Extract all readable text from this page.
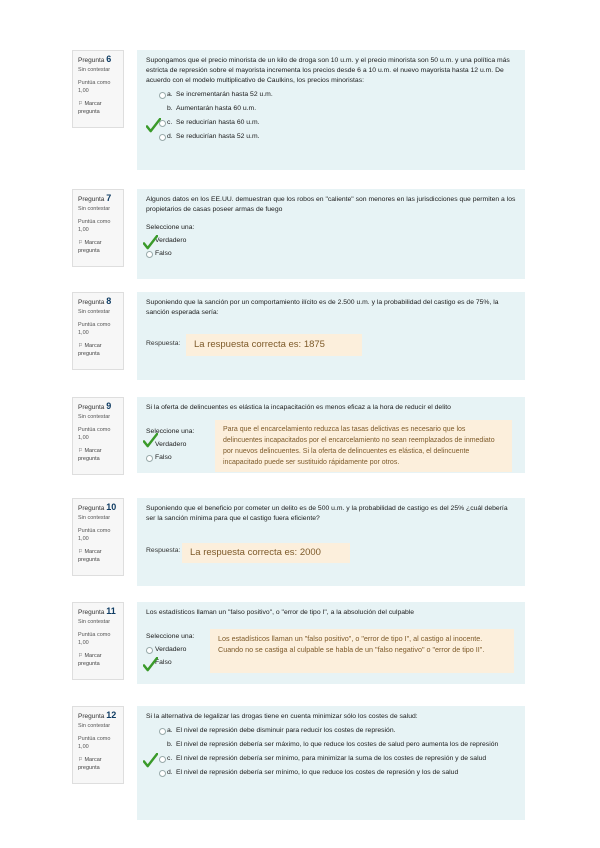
Pregunta 6
Sin contestar
Puntúa como 1,00
⚐ Marcar pregunta

Supongamos que el precio minorista de un kilo de droga son 10 u.m. y el precio minorista son 50 u.m. y una política más estricta de represión sobre el mayorista incrementa los precios desde 6 a 10 u.m. el nuevo mayorista hasta 12 u.m. De acuerdo con el modelo multiplicativo de Caulkins, los precios minoristas:

a. Se incrementarán hasta 52 u.m.
b. Aumentarán hasta 60 u.m.
c. Se reducirían hasta 60 u.m.
d. Se reducirían hasta 52 u.m.
Pregunta 7
Sin contestar
Puntúa como 1,00
⚐ Marcar pregunta

Algunos datos en los EE.UU. demuestran que los robos en "caliente" son menores en las jurisdicciones que permiten a los propietarios de casas poseer armas de fuego

Seleccione una:
Verdadero
Falso
Pregunta 8
Sin contestar
Puntúa como 1,00
⚐ Marcar pregunta

Suponiendo que la sanción por un comportamiento ilícito es de 2.500 u.m. y la probabilidad del castigo es de 75%, la sanción esperada sería:

Respuesta:	La respuesta correcta es: 1875
Pregunta 9
Sin contestar
Puntúa como 1,00
⚐ Marcar pregunta

Si la oferta de delincuentes es elástica la incapacitación es menos eficaz a la hora de reducir el delito

Seleccione una:
Verdadero
Falso
Para que el encarcelamiento reduzca las tasas delictivas es necesario que los delincuentes incapacitados por el encarcelamiento no sean reemplazados de inmediato por nuevos delincuentes. Si la oferta de delincuentes es elástica, el delincuente incapacitado puede ser sustituido rápidamente por otros.
Pregunta 10
Sin contestar
Puntúa como 1,00
⚐ Marcar pregunta

Suponiendo que el beneficio por cometer un delito es de 500 u.m. y la probabilidad de castigo es del 25% ¿cuál debería ser la sanción mínima para que el castigo fuera eficiente?

Respuesta:	La respuesta correcta es: 2000
Pregunta 11
Sin contestar
Puntúa como 1,00
⚐ Marcar pregunta

Los estadísticos llaman un "falso positivo", o "error de tipo I", a la absolución del culpable

Seleccione una:
Verdadero
Falso
Los estadísticos llaman un "falso positivo", o "error de tipo I", al castigo al inocente. Cuando no se castiga al culpable se habla de un "falso negativo" o "error de tipo II".
Pregunta 12
Sin contestar
Puntúa como 1,00
⚐ Marcar pregunta

Si la alternativa de legalizar las drogas tiene en cuenta minimizar sólo los costes de salud:

a. El nivel de represión debe disminuir para reducir los costes de represión.
b. El nivel de represión debería ser máximo, lo que reduce los costes de salud pero aumenta los de represión
c. El nivel de represión debería ser mínimo, para minimizar la suma de los costes de represión y de salud
d. El nivel de represión debería ser mínimo, lo que reduce los costes de represión y los de salud
